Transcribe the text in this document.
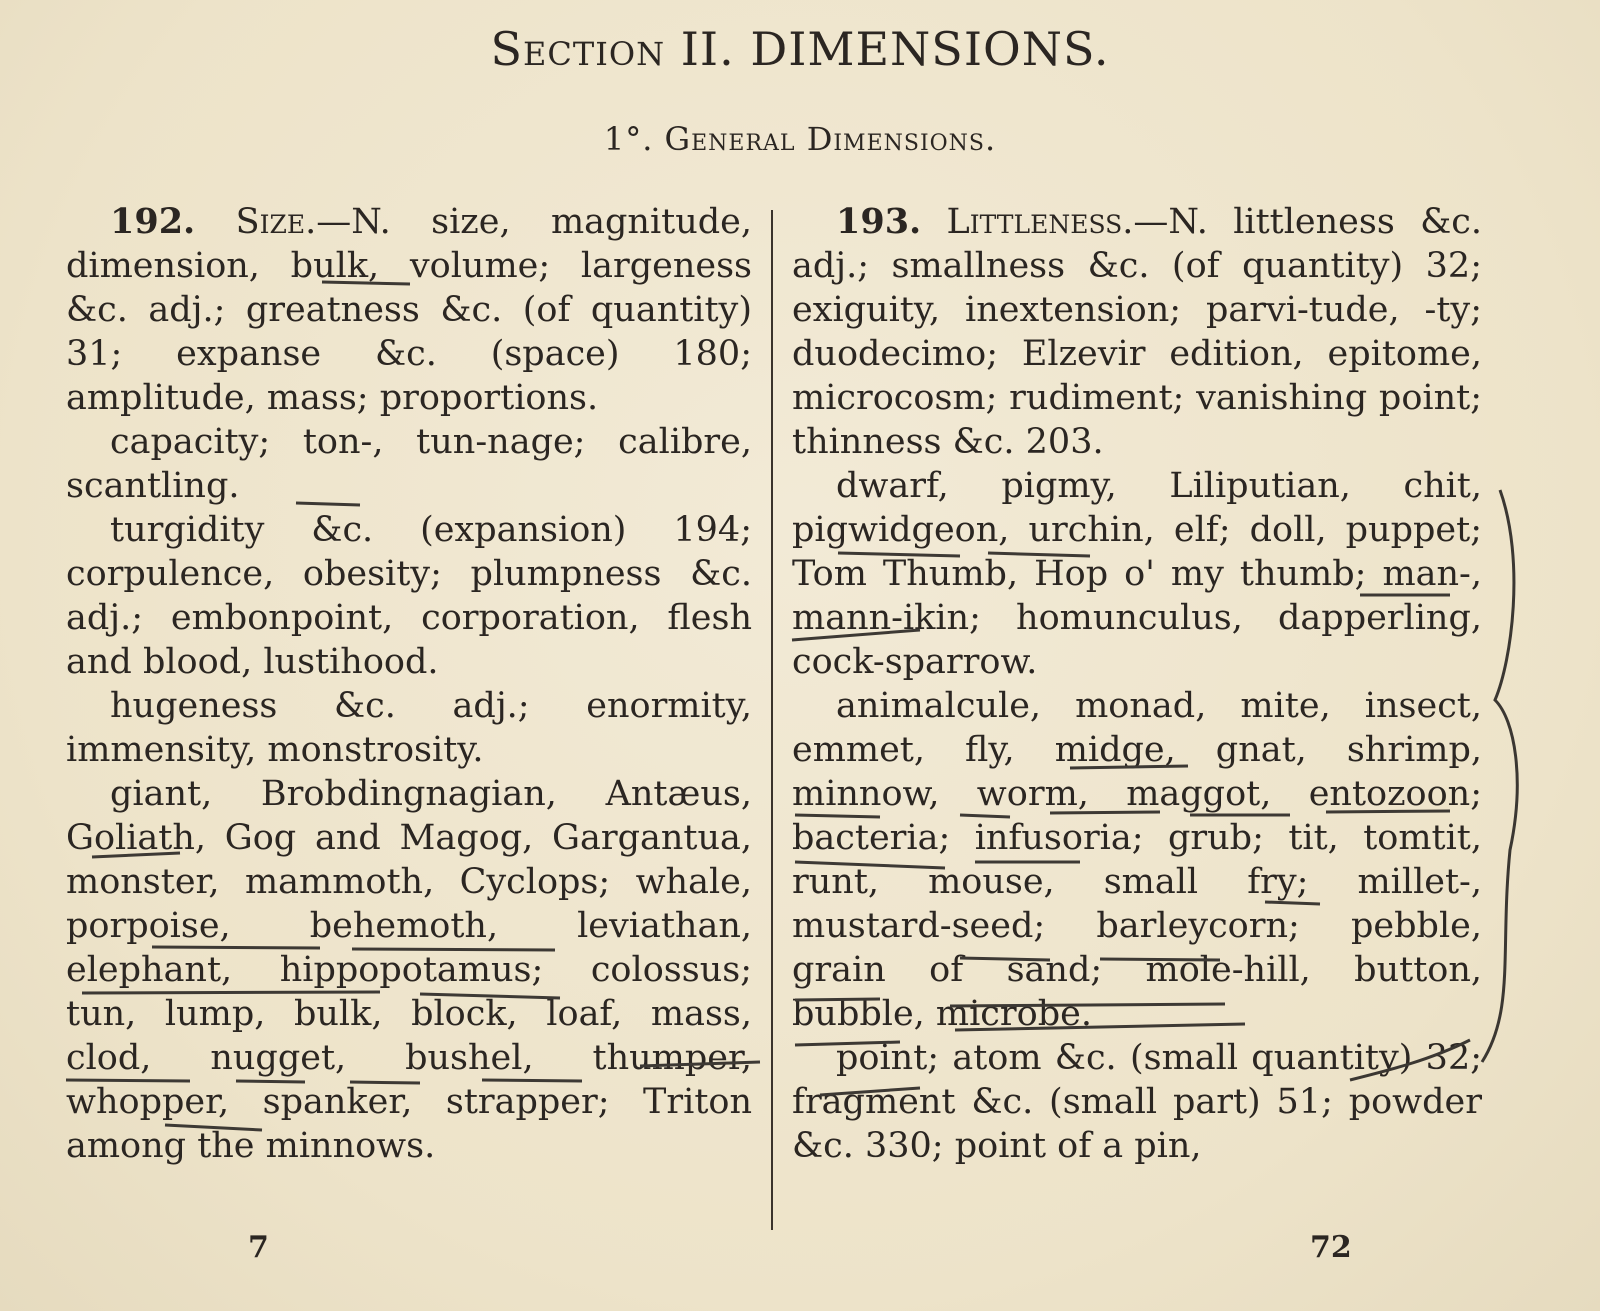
Section II. DIMENSIONS.
1°. General Dimensions.

192. Size.—N. size, magnitude, dimension, bulk, volume; largeness &c. adj.; greatness &c. (of quantity) 31; expanse &c. (space) 180; amplitude, mass; proportions.

capacity; ton-, tun-nage; calibre, scantling.

turgidity &c. (expansion) 194; corpulence, obesity; plumpness &c. adj.; embonpoint, corporation, flesh and blood, lustihood.

hugeness &c. adj.; enormity, immensity, monstrosity.

giant, Brobdingnagian, Antæus, Goliath, Gog and Magog, Gargantua, monster, mammoth, Cyclops; whale, porpoise, behemoth, leviathan, elephant, hippopotamus; colossus; tun, lump, bulk, block, loaf, mass, clod, nugget, bushel, thumper, whopper, spanker, strapper; Triton among the minnows.

193. Littleness.—N. littleness &c. adj.; smallness &c. (of quantity) 32; exiguity, inextension; parvi-tude, -ty; duodecimo; Elzevir edition, epitome, microcosm; rudiment; vanishing point; thinness &c. 203.

dwarf, pigmy, Liliputian, chit, pigwidgeon, urchin, elf; doll, puppet; Tom Thumb, Hop o' my thumb; man-, mann-ikin; homunculus, dapperling, cock-sparrow.

animalcule, monad, mite, insect, emmet, fly, midge, gnat, shrimp, minnow, worm, maggot, entozoon; bacteria; infusoria; grub; tit, tomtit, runt, mouse, small fry; millet-, mustard-seed; barleycorn; pebble, grain of sand; mole-hill, button, bubble, microbe.

point; atom &c. (small quantity) 32; fragment &c. (small part) 51; powder &c. 330; point of a pin,

7	72
